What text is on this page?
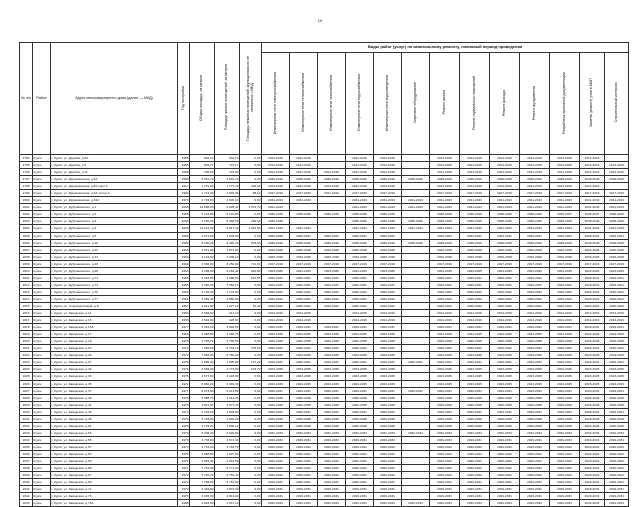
10
№ п/п	Район	Адрес многоквартирного дома (далее — МКД)	Год постройки	Общая площадь, кв.метров	Площадь жилых помещений, кв.метров	Площадь нежилых помещений, функционально не связанных с МКД	Виды работ (услуг) по капитальному ремонту, плановый период проведения												
							Инженерные сети электроснабжения	Инженерные сети теплоснабжения	Инженерные сети газоснабжения	Инженерные сети водоснабжения	Инженерные сети водоотведения	Лифтовое оборудование	Ремонт крыши	Ремонт подвальных помещений	Ремонт фасада	Ремонт фундамента	Разработка проектной документации	Замена (ремонт) узла в МОП	Строительный контроль
1794	Курск	г. Курск, ул. Дружбы, д.5А	1958	640,10	640,10	0,00	2014-2016	2014-2016		2014-2016	2014-2016		2014-2016	2014-2016	2014-2016	2014-2016	2014-2016	2014-2016	
1795	Курск	г. Курск, ул. Дружбы, д.9	1958	803,77	715,17	0,00	2014-2016	2014-2016		2014-2016	2014-2016		2014-2016	2014-2016	2014-2016	2014-2016	2014-2016	2014-2016	2014-2016
1796	Курск	г. Курск, ул. Дружбы, д.11	1958	705,60	715,92	0,00	2014-2016	2014-2016	2014-2016	2014-2016	2014-2016		2014-2016	2014-2016	2014-2016	2014-2016	2014-2016	2014-2016	2014-2016
1797	Курск	г. Курск, ул. Дружининская, д.3А	1990	6 516,70	6 516,70	0,00	2038-2040	2038-2040	2038-2040	2038-2040	2038-2040	2038-2040	2038-2040	2038-2040	2038-2040	2038-2040	2038-2040	2038-2040	2038-2040
1798	Курск	г. Курск, ул. Дружининская, д.5А корп.4	1917	2 270,03	1 777,70	492,33	2014-2016	2014-2016	2014-2016	2014-2016	2014-2016		2014-2016	2014-2016	2014-2016	2014-2016	2014-2016	2014-2016	
1799	Курск	г. Курск, ул. Дружининская, д.6А литер А	1983	1 713,40	1 645,30	68,10	2017-2019	2017-2019	2017-2019	2017-2019	2017-2019		2017-2019	2017-2019	2017-2019	2017-2019	2017-2019	2017-2019	2017-2019
1800	Курск	г. Курск, ул. Дружининская, д.34А	1975	4 715,00	3 696,10	0,00	2041-2043	2041-2043		2041-2043	2041-2043	2041-2043	2041-2043	2041-2043	2041-2043	2041-2043	2041-2043	2041-2043	2041-2043
1801	Курск	г. Курск, ул. Дубровинского, д.1	2008	12 658,20	9 628,40	1 072,70	2041-2043			2041-2043	2041-2043	2041-2043	2041-2043	2041-2043	2041-2043	2041-2043	2041-2043	2041-2043	2041-2043
1802	Курск	г. Курск, ул. Дубровинского, д.2	1968	5 101,80	5 101,80	0,00	2038-2040	2038-2040	2038-2040	2038-2040	2038-2040		2038-2040	2038-2040	2038-2040	2038-2040	2035-2037	2035-2037	2038-2040
1803	Курск	г. Курск, ул. Дубровинского, д.3	2006	3 150,00	2 468,50	290,10	2038-2040			2038-2040	2038-2040	2038-2040	2038-2040	2038-2040	2038-2040	2038-2040	2038-2040	2038-2040	2038-2040
1804	Курск	г. Курск, ул. Дубровинского, д.4	2008	13 213,00	9 917,30	1 062,50	2041-2043	2041-2043		2041-2043	2041-2043	2041-2043	2041-2043	2041-2043	2041-2043	2041-2043	2041-2043	2041-2043	2041-2043
1805	Курск	г. Курск, ул. Дубровинского, д.5	1966	4 071,60	4 035,90	0,00	2029-2029	2029-2031	2029-2031	2029-2031	2029-2031		2029-2031	2029-2031	2029-2031	2029-2031	2029-2031	2029-2031	2029-2031
1806	Курск	г. Курск, ул. Дубровинского, д.16	1982	8 180,20	6 393,70	879,50	2038-2040	2038-2040	2038-2040	2038-2040	2038-2040	2038-2040	2038-2040	2038-2040	2038-2040	2038-2040	2038-2040	2038-2040	2038-2040
1807	Курск	г. Курск, ул. Дубровинского, д.22	1968	4 874,80	4 874,80	0,00	2026-2028	2026-2028	2026-2028	2026-2028	2026-2028		2026-2028	2026-2028	2026-2028	2026-2028	2026-2028	2026-2028	2026-2028
1808	Курск	г. Курск, ул. Дубровинского, д.24	1962	4 144,50	3 208,10	0,00	2026-2028	2026-2028	2026-2028	2026-2028	2026-2028		2026-2028	2026-2028	2026-2028	2026-2028	2026-2028	2026-2028	2026-2028
1809	Курск	г. Курск, ул. Дубровинского, д.26	1962	4 336,00	3 250,00	711,00	2017-2019	2017-2019	2017-2019	2017-2019	2017-2019		2017-2019	2017-2019	2017-2019	2017-2019	2017-2019	2017-2019	2017-2019
1810	Курск	г. Курск, ул. Дубровинского, д.28	1963	4 285,80	3 283,40	620,80	2023-2025	2023-2025	2023-2025	2023-2025	2023-2025		2023-2025	2023-2025	2023-2025	2023-2025	2023-2025	2023-2025	2023-2025
1811	Курск	г. Курск, ул. Дубровинского, д.71	1966	8 254,80	4 488,90	541,50	2029-2031	2029-2031	2029-2031	2029-2031	2029-2031		2029-2031	2029-2031	2029-2031	2029-2031	2029-2031	2029-2031	2029-2031
1812	Курск	г. Курск, ул. Дубровинского, д.73	1958	4 390,00	3 382,10	0,00	2029-2031	2029-2031	2029-2031	2029-2031	2029-2031		2029-2031	2029-2031	2029-2031	2029-2031	2029-2031	2029-2031	2029-2031
1813	Курск	г. Курск, ул. Дубровинского, д.75	1960	2 139,30	1 176,60	0,00	2020-2022	2020-2022	2020-2022	2020-2022	2020-2022		2020-2022	2020-2022	2020-2022	2020-2022	2020-2022	2020-2022	2020-2022
1814	Курск	г. Курск, ул. Дубровинского, д.77	1961	3 689,40	2 880,80	0,00	2020-2022	2020-2022	2020-2022	2020-2022	2020-2022		2020-2022	2020-2022	2020-2022	2020-2022	2020-2022	2020-2022	2020-2022
1815	Курск	г. Курск, пр. Старокурсковый, д.8	1957	2 814,50	1 227,10	51,40	2020-2022	2020-2022	2020-2022	2020-2022	2020-2022		2020-2022	2020-2022	2020-2022	2020-2022	2020-2022	2020-2022	2020-2022
1816	Курск	г. Курск, ул. Заводская, д.11	1953	3 648,60	412,10	0,00	2014-2016	2014-2016		2014-2016	2014-2016		2014-2016	2014-2016	2014-2016	2014-2016	2014-2016	2014-2016	2014-2016
1817	Курск	г. Курск, ул. Заводская, д.13	1953	1 510,00	428,60	0,00	2014-2016	2014-2016		2014-2016	2014-2016		2014-2016	2014-2016	2014-2016	2014-2016	2014-2016	2014-2016	2014-2016
1818	Курск	г. Курск, ул. Заводская, д.15А	1977	5 910,10	4 594,60	0,00	2029-2031	2029-2031	2029-2031	2029-2031	2029-2031		2029-2031	2029-2031	2029-2031	2029-2031	2029-2031	2029-2031	2029-2031
1819	Курск	г. Курск, ул. Заводская, д.17	1969	4 368,80	3 268,70	0,00	2023-2025	2023-2025	2023-2025	2023-2025	2023-2025		2023-2025	2023-2025	2023-2025	2023-2025	2023-2025	2023-2025	2023-2025
1820	Курск	г. Курск, ул. Заводская, д.19	1976	3 795,70	2 796,50	0,00	2026-2028	2026-2028	2026-2028	2026-2028	2026-2028		2026-2028	2026-2028	2026-2028	2026-2028	2026-2028	2026-2028	2026-2028
1821	Курск	г. Курск, ул. Заводская, д.23	1972	7 966,89	6 734,19	375,60	2020-2022	2020-2022	2020-2022	2020-2022	2020-2022		2020-2022	2020-2022	2020-2022	2020-2022	2020-2022	2020-2022	2020-2022
1822	Курск	г. Курск, ул. Заводская, д.25	1972	7 848,00	6 780,00	0,00	2023-2025	2023-2025	2023-2025	2023-2025	2023-2025		2023-2025	2023-2025	2023-2025	2023-2025	2023-2025	2023-2025	2023-2025
1823	Курск	г. Курск, ул. Заводская, д.27	1976	2 806,40	1 905,60	167,20	2029-2031	2029-2031	2029-2031	2029-2031	2029-2031	2029-2031	2029-2031	2029-2031	2029-2031	2029-2031	2029-2031	2029-2031	2029-2031
1824	Курск	г. Курск, ул. Заводская, д.31	1976	3 648,00	2 773,60	103,70	2023-2025	2023-2025	2023-2025	2023-2025	2023-2025		2023-2025	2023-2025	2023-2025	2023-2025	2023-2025	2023-2025	2023-2025
1825	Курск	г. Курск, ул. Заводская, д.33	1976	4 571,30	3 403,80	0,00	2023-2025	2023-2025	2023-2025	2023-2025	2023-2025		2023-2025	2023-2025	2023-2025	2023-2025	2023-2025	2023-2025	2023-2025
1826	Курск	г. Курск, ул. Заводская, д.35	1971	5 966,20	4 394,30	0,00	2023-2025	2023-2025	2023-2025	2023-2025	2023-2025		2023-2025	2023-2025	2023-2025	2023-2025	2023-2025	2023-2025	2023-2025
1827	Курск	г. Курск, ул. Заводская, д.37	1977	6 973,60	5 013,50	0,00	2029-2031	2029-2031	2029-2031	2029-2031	2029-2031	2029-2031	2029-2031	2029-2031	2029-2031	2029-2031	2029-2031	2029-2031	2029-2031
1828	Курск	г. Курск, ул. Заводская, д.39	1975	5 985,70	4 413,20	0,00	2026-2028	2026-2028	2026-2028	2026-2028	2026-2028		2026-2028	2026-2028	2026-2028	2026-2028	2026-2028	2026-2028	2026-2028
1829	Курск	г. Курск, ул. Заводская, д.41	1976	3 811,50	2 971,40	0,00	2026-2028	2026-2028	2026-2028	2026-2028	2026-2028		2026-2028	2026-2028	2026-2028	2026-2028	2026-2028	2026-2028	2026-2028
1830	Курск	г. Курск, ул. Заводская, д.43	1973	6 233,20	4 596,80	0,00	2029-2031	2029-2031	2029-2031	2029-2031	2029-2031		2029-2031	2029-2031	2029-2031	2029-2031	2029-2031	2029-2031	2029-2031
1831	Курск	г. Курск, ул. Заводская, д.45	1974	3 718,90	2 832,20	0,00	2026-2028	2026-2028	2026-2028	2026-2028	2026-2028		2026-2028	2026-2028	2026-2028	2026-2028	2026-2028	2026-2028	2026-2028
1832	Курск	г. Курск, ул. Заводская, д.51	1978	3 175,20	1 806,10	0,00	2026-2028	2026-2028	2026-2028	2026-2028	2026-2028		2026-2028	2026-2028	2026-2028	2026-2028	2026-2028	2026-2028	2026-2028
1833	Курск	г. Курск, ул. Заводская, д.53	1973	6 208,20	4 620,60	0,00	2032-2034	2032-2034	2032-2034	2032-2034	2032-2034	2032-2034	2032-2034	2032-2034	2032-2034	2032-2034	2032-2034	2032-2034	2032-2034
1834	Курск	г. Курск, ул. Заводская, д.55	1973	4 735,20	3 674,40	0,00	2029-2031	2029-2031	2029-2031	2029-2031	2029-2031		2029-2031	2029-2031	2029-2031	2029-2031	2029-2031	2029-2031	2029-2031
1835	Курск	г. Курск, ул. Заводская, д.57	1972	3 751,20	2 794,70	0,00	2020-2022	2020-2022	2020-2022	2020-2022	2020-2022		2020-2022	2020-2022	2020-2022	2020-2022	2020-2022	2020-2022	2020-2022
1836	Курск	г. Курск, ул. Заводская, д.59	1971	3 868,80	2 807,90	0,00	2020-2022	2020-2022	2020-2022	2020-2022	2020-2022		2020-2022	2020-2022	2020-2022	2020-2022	2020-2022	2020-2022	2020-2022
1837	Курск	г. Курск, ул. Заводская, д.63	1971	2 869,40	2 044,80	0,00	2020-2022	2020-2022	2020-2022	2020-2022	2020-2022		2020-2022	2020-2022	2020-2022	2020-2022	2020-2022	2020-2022	2020-2022
1838	Курск	г. Курск, ул. Заводская, д.65	1971	7 751,30	5 771,20	0,00	2020-2022	2020-2022	2020-2022	2020-2022	2020-2022		2020-2022	2020-2022	2020-2022	2020-2022	2020-2022	2020-2022	2020-2022
1839	Курск	г. Курск, ул. Заводская, д.67	1972	3 720,70	2 752,40	0,00	2020-2022	2020-2022	2020-2022	2020-2022	2020-2022		2020-2022	2020-2022	2020-2022	2020-2022	2020-2022	2020-2022	2020-2022
1840	Курск	г. Курск, ул. Заводская, д.69	1972	7 768,30	5 751,90	0,00	2029-2031	2029-2031	2029-2031	2029-2031	2029-2031		2029-2031	2029-2031	2029-2031	2029-2031	2029-2031	2029-2031	2029-2031
1841	Курск	г. Курск, ул. Заводская, д.71	1972	2 449,50	1 872,30	0,00	2029-2031	2029-2031	2029-2031	2029-2031	2029-2031		2029-2031	2029-2031	2029-2031	2029-2031	2029-2031	2029-2031	2029-2031
1842	Курск	г. Курск, ул. Заводская, д.73	1973	3 635,30	2 814,00	0,00	2029-2031	2029-2031	2029-2031	2029-2031	2029-2031		2029-2031	2029-2031	2029-2031	2029-2031	2029-2031	2029-2031	2029-2031
1843	Курск	г. Курск, ул. Заводская, д.75А	1988	2 823,60	1 937,10	0,00	2032-2034	2032-2034	2032-2034	2032-2034	2032-2034	2032-2034	2032-2034	2032-2034	2032-2034	2032-2034	2032-2034	2032-2034	2032-2034
